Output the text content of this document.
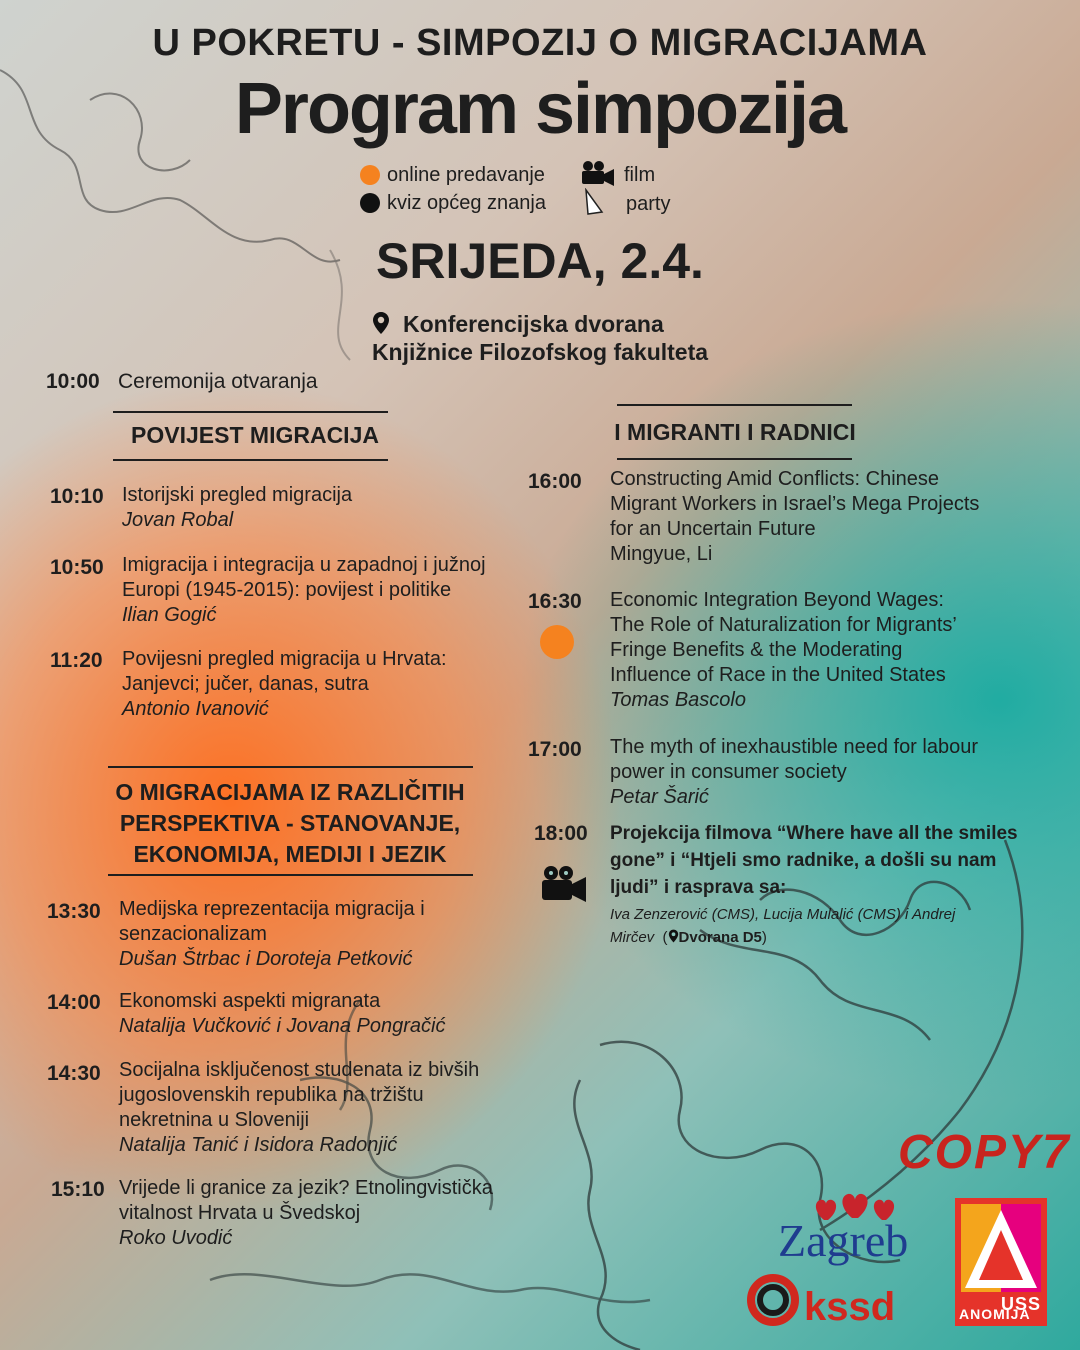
U POKRETU - SIMPOZIJ O MIGRACIJAMA
Program simpozija
online predavanje
kviz općeg znanja
film
party
SRIJEDA, 2.4.
Konferencijska dvorana
Knjižnice Filozofskog fakulteta
10:00 Ceremonija otvaranja
POVIJEST MIGRACIJA
10:10 Istorijski pregled migracija
Jovan Robal
10:50 Imigracija i integracija u zapadnoj i južnoj
Europi (1945-2015): povijest i politike
Ilian Gogić
11:20 Povijesni pregled migracija u Hrvata:
Janjevci; jučer, danas, sutra
Antonio Ivanović
O MIGRACIJAMA IZ RAZLIČITIH
PERSPEKTIVA - STANOVANJE,
EKONOMIJA, MEDIJI I JEZIK
13:30 Medijska reprezentacija migracija i
senzacionalizam
Dušan Štrbac i Doroteja Petković
14:00 Ekonomski aspekti migranata
Natalija Vučković i Jovana Pongračić
14:30 Socijalna isključenost studenata iz bivših
jugoslovenskih republika na tržištu
nekretnina u Sloveniji
Natalija Tanić i Isidora Radonjić
15:10 Vrijede li granice za jezik? Etnolingvistička
vitalnost Hrvata u Švedskoj
Roko Uvodić
I MIGRANTI I RADNICI
16:00 Constructing Amid Conflicts: Chinese
Migrant Workers in Israel’s Mega Projects
for an Uncertain Future
Mingyue, Li
16:30 Economic Integration Beyond Wages:
The Role of Naturalization for Migrants’
Fringe Benefits & the Moderating
Influence of Race in the United States
Tomas Bascolo
17:00 The myth of inexhaustible need for labour
power in consumer society
Petar Šarić
18:00 Projekcija filmova “Where have all the smiles
gone” i “Htjeli smo radnike, a došli su nam
ljudi” i rasprava sa:
Iva Zenzerović (CMS), Lucija Mulalić (CMS) i Andrej
Mirčev  ( Dvorana D5)
COPY7
Zagreb
kssd	USS
ANOMIJA
